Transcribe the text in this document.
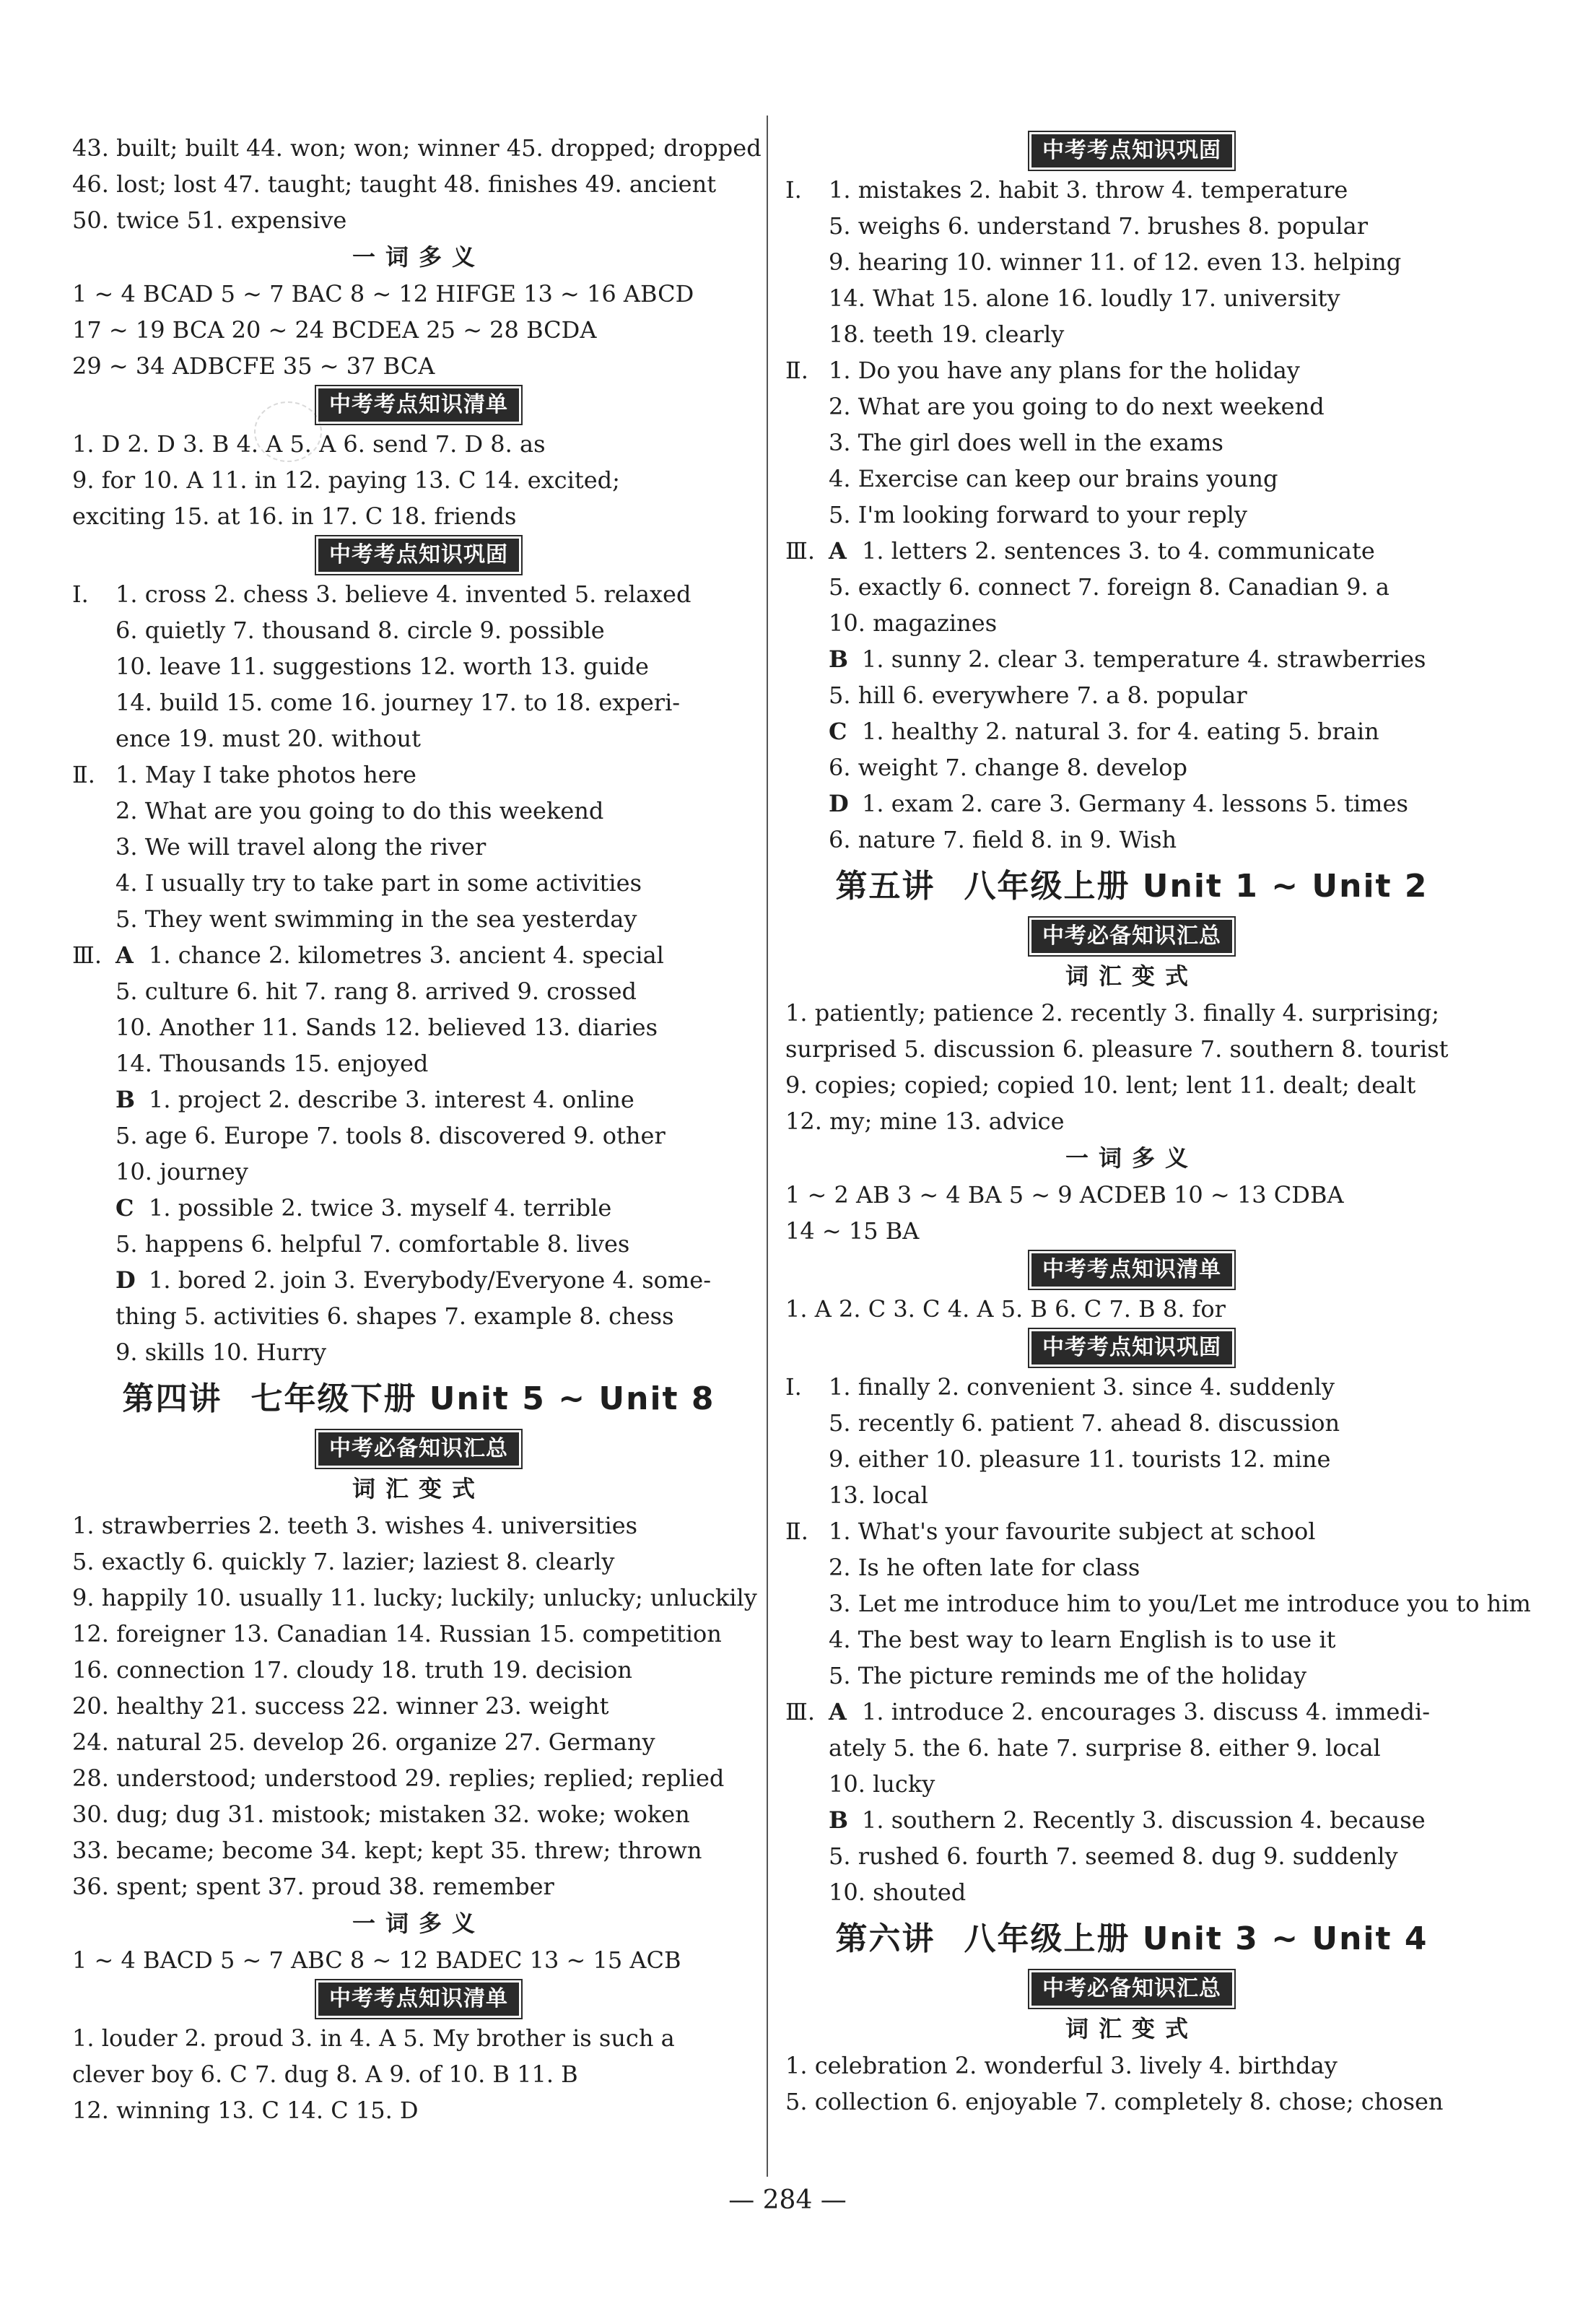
43. built; built 44. won; won; winner 45. dropped; dropped
46. lost; lost 47. taught; taught 48. finishes 49. ancient
50. twice 51. expensive
一词多义
1 ~ 4 BCAD 5 ~ 7 BAC 8 ~ 12 HIFGE 13 ~ 16 ABCD
17 ~ 19 BCA 20 ~ 24 BCDEA 25 ~ 28 BCDA
29 ~ 34 ADBCFE 35 ~ 37 BCA
中考考点知识清单
1. D 2. D 3. B 4. A 5. A 6. send 7. D 8. as
9. for 10. A 11. in 12. paying 13. C 14. excited;
exciting 15. at 16. in 17. C 18. friends
中考考点知识巩固
Ⅰ. 1. cross 2. chess 3. believe 4. invented 5. relaxed
6. quietly 7. thousand 8. circle 9. possible
10. leave 11. suggestions 12. worth 13. guide
14. build 15. come 16. journey 17. to 18. experi-
ence 19. must 20. without
Ⅱ. 1. May I take photos here
2. What are you going to do this weekend
3. We will travel along the river
4. I usually try to take part in some activities
5. They went swimming in the sea yesterday
Ⅲ. A 1. chance 2. kilometres 3. ancient 4. special
5. culture 6. hit 7. rang 8. arrived 9. crossed
10. Another 11. Sands 12. believed 13. diaries
14. Thousands 15. enjoyed
B 1. project 2. describe 3. interest 4. online
5. age 6. Europe 7. tools 8. discovered 9. other
10. journey
C 1. possible 2. twice 3. myself 4. terrible
5. happens 6. helpful 7. comfortable 8. lives
D 1. bored 2. join 3. Everybody/Everyone 4. some-
thing 5. activities 6. shapes 7. example 8. chess
9. skills 10. Hurry
第四讲 七年级下册 Unit 5 ~ Unit 8
中考必备知识汇总
词汇变式
1. strawberries 2. teeth 3. wishes 4. universities
5. exactly 6. quickly 7. lazier; laziest 8. clearly
9. happily 10. usually 11. lucky; luckily; unlucky; unluckily
12. foreigner 13. Canadian 14. Russian 15. competition
16. connection 17. cloudy 18. truth 19. decision
20. healthy 21. success 22. winner 23. weight
24. natural 25. develop 26. organize 27. Germany
28. understood; understood 29. replies; replied; replied
30. dug; dug 31. mistook; mistaken 32. woke; woken
33. became; become 34. kept; kept 35. threw; thrown
36. spent; spent 37. proud 38. remember
一词多义
1 ~ 4 BACD 5 ~ 7 ABC 8 ~ 12 BADEC 13 ~ 15 ACB
中考考点知识清单
1. louder 2. proud 3. in 4. A 5. My brother is such a
clever boy 6. C 7. dug 8. A 9. of 10. B 11. B
12. winning 13. C 14. C 15. D
中考考点知识巩固
Ⅰ. 1. mistakes 2. habit 3. throw 4. temperature
5. weighs 6. understand 7. brushes 8. popular
9. hearing 10. winner 11. of 12. even 13. helping
14. What 15. alone 16. loudly 17. university
18. teeth 19. clearly
Ⅱ. 1. Do you have any plans for the holiday
2. What are you going to do next weekend
3. The girl does well in the exams
4. Exercise can keep our brains young
5. I'm looking forward to your reply
Ⅲ. A 1. letters 2. sentences 3. to 4. communicate
5. exactly 6. connect 7. foreign 8. Canadian 9. a
10. magazines
B 1. sunny 2. clear 3. temperature 4. strawberries
5. hill 6. everywhere 7. a 8. popular
C 1. healthy 2. natural 3. for 4. eating 5. brain
6. weight 7. change 8. develop
D 1. exam 2. care 3. Germany 4. lessons 5. times
6. nature 7. field 8. in 9. Wish
第五讲 八年级上册 Unit 1 ~ Unit 2
中考必备知识汇总
词汇变式
1. patiently; patience 2. recently 3. finally 4. surprising;
surprised 5. discussion 6. pleasure 7. southern 8. tourist
9. copies; copied; copied 10. lent; lent 11. dealt; dealt
12. my; mine 13. advice
一词多义
1 ~ 2 AB 3 ~ 4 BA 5 ~ 9 ACDEB 10 ~ 13 CDBA
14 ~ 15 BA
中考考点知识清单
1. A 2. C 3. C 4. A 5. B 6. C 7. B 8. for
中考考点知识巩固
Ⅰ. 1. finally 2. convenient 3. since 4. suddenly
5. recently 6. patient 7. ahead 8. discussion
9. either 10. pleasure 11. tourists 12. mine
13. local
Ⅱ. 1. What's your favourite subject at school
2. Is he often late for class
3. Let me introduce him to you/Let me introduce you to him
4. The best way to learn English is to use it
5. The picture reminds me of the holiday
Ⅲ. A 1. introduce 2. encourages 3. discuss 4. immedi-
ately 5. the 6. hate 7. surprise 8. either 9. local
10. lucky
B 1. southern 2. Recently 3. discussion 4. because
5. rushed 6. fourth 7. seemed 8. dug 9. suddenly
10. shouted
第六讲 八年级上册 Unit 3 ~ Unit 4
中考必备知识汇总
词汇变式
1. celebration 2. wonderful 3. lively 4. birthday
5. collection 6. enjoyable 7. completely 8. chose; chosen
— 284 —
